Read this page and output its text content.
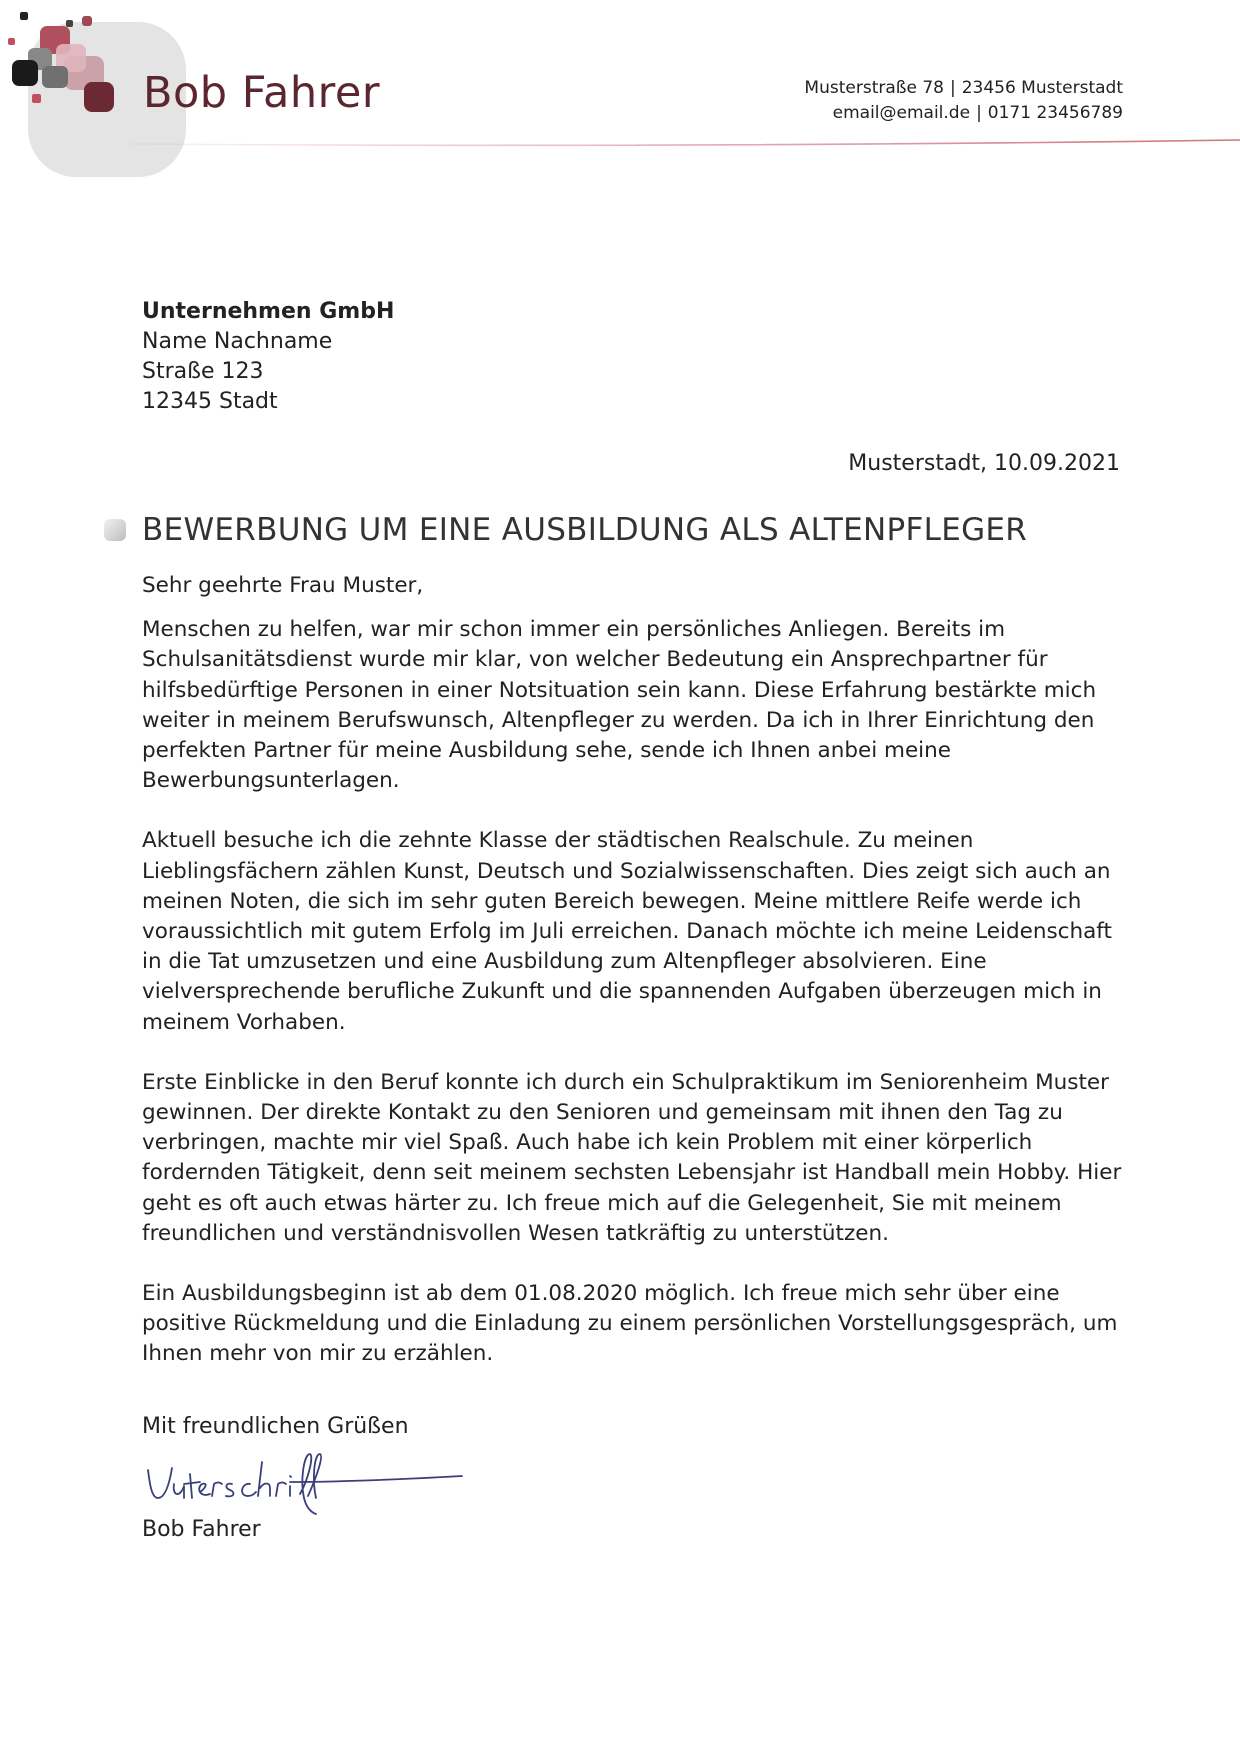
Bob Fahrer	Musterstraße 78 | 23456 Musterstadt
email@email.de | 0171 23456789
Unternehmen GmbH
Name Nachname
Straße 123
12345 Stadt
Musterstadt, 10.09.2021
BEWERBUNG UM EINE AUSBILDUNG ALS ALTENPFLEGER

Sehr geehrte Frau Muster,

Menschen zu helfen, war mir schon immer ein persönliches Anliegen. Bereits im Schulsanitätsdienst wurde mir klar, von welcher Bedeutung ein Ansprechpartner für hilfsbedürftige Personen in einer Notsituation sein kann. Diese Erfahrung bestärkte mich weiter in meinem Berufswunsch, Altenpfleger zu werden. Da ich in Ihrer Einrichtung den perfekten Partner für meine Ausbildung sehe, sende ich Ihnen anbei meine Bewerbungsunterlagen.

Aktuell besuche ich die zehnte Klasse der städtischen Realschule. Zu meinen Lieblingsfächern zählen Kunst, Deutsch und Sozialwissenschaften. Dies zeigt sich auch an meinen Noten, die sich im sehr guten Bereich bewegen. Meine mittlere Reife werde ich voraussichtlich mit gutem Erfolg im Juli erreichen. Danach möchte ich meine Leidenschaft in die Tat umzusetzen und eine Ausbildung zum Altenpfleger absolvieren. Eine vielversprechende berufliche Zukunft und die spannenden Aufgaben überzeugen mich in meinem Vorhaben.

Erste Einblicke in den Beruf konnte ich durch ein Schulpraktikum im Seniorenheim Muster gewinnen. Der direkte Kontakt zu den Senioren und gemeinsam mit ihnen den Tag zu verbringen, machte mir viel Spaß. Auch habe ich kein Problem mit einer körperlich fordernden Tätigkeit, denn seit meinem sechsten Lebensjahr ist Handball mein Hobby. Hier geht es oft auch etwas härter zu. Ich freue mich auf die Gelegenheit, Sie mit meinem freundlichen und verständnisvollen Wesen tatkräftig zu unterstützen.

Ein Ausbildungsbeginn ist ab dem 01.08.2020 möglich. Ich freue mich sehr über eine positive Rückmeldung und die Einladung zu einem persönlichen Vorstellungsgespräch, um Ihnen mehr von mir zu erzählen.

Mit freundlichen Grüßen
Bob Fahrer
